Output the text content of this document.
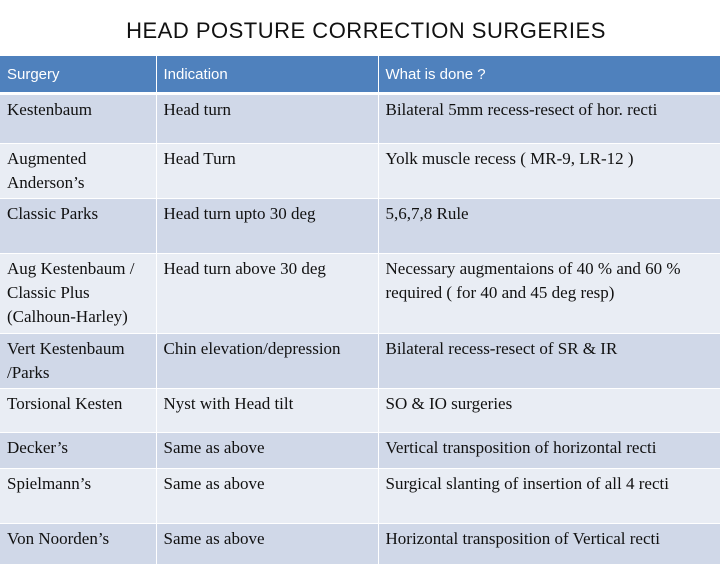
HEAD POSTURE CORRECTION SURGERIES
Surgery	Indication	What is done ?
Kestenbaum	Head turn	Bilateral 5mm recess-resect of hor. recti
Augmented Anderson’s	Head Turn	Yolk muscle recess ( MR-9, LR-12 )
Classic Parks	Head turn upto 30 deg	5,6,7,8 Rule
Aug Kestenbaum / Classic Plus (Calhoun-Harley)	Head turn above 30 deg	Necessary augmentaions of 40 % and 60 % required ( for 40 and 45 deg resp)
Vert Kestenbaum /Parks	Chin elevation/depression	Bilateral recess-resect of SR & IR
Torsional Kesten	Nyst with Head tilt	SO & IO surgeries
Decker’s	Same as above	Vertical transposition of horizontal recti
Spielmann’s	Same as above	Surgical slanting of insertion of all 4 recti
Von Noorden’s	Same as above	Horizontal transposition of Vertical recti
